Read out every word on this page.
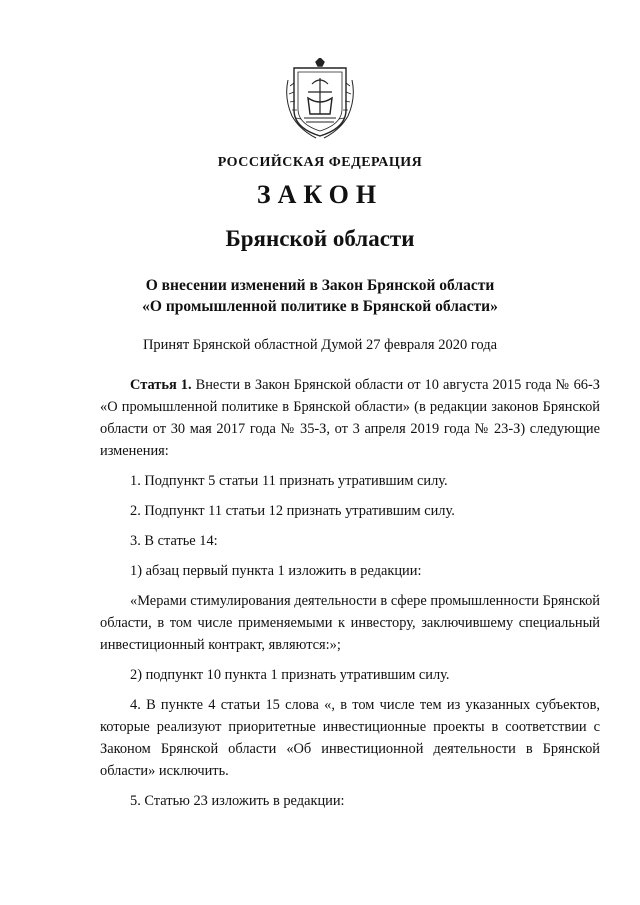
РОССИЙСКАЯ ФЕДЕРАЦИЯ
ЗАКОН
Брянской области
О внесении изменений в Закон Брянской области
«О промышленной политике в Брянской области»
Принят Брянской областной Думой 27 февраля 2020 года

Статья 1. Внести в Закон Брянской области от 10 августа 2015 года № 66-З «О промышленной политике в Брянской области» (в редакции законов Брянской области от 30 мая 2017 года № 35-З, от 3 апреля 2019 года № 23-З) следующие изменения:

1. Подпункт 5 статьи 11 признать утратившим силу.

2. Подпункт 11 статьи 12 признать утратившим силу.

3. В статье 14:

1) абзац первый пункта 1 изложить в редакции:

«Мерами стимулирования деятельности в сфере промышленности Брянской области, в том числе применяемыми к инвестору, заключившему специальный инвестиционный контракт, являются:»;

2) подпункт 10 пункта 1 признать утратившим силу.

4. В пункте 4 статьи 15 слова «, в том числе тем из указанных субъектов, которые реализуют приоритетные инвестиционные проекты в соответствии с Законом Брянской области «Об инвестиционной деятельности в Брянской области» исключить.

5. Статью 23 изложить в редакции:
